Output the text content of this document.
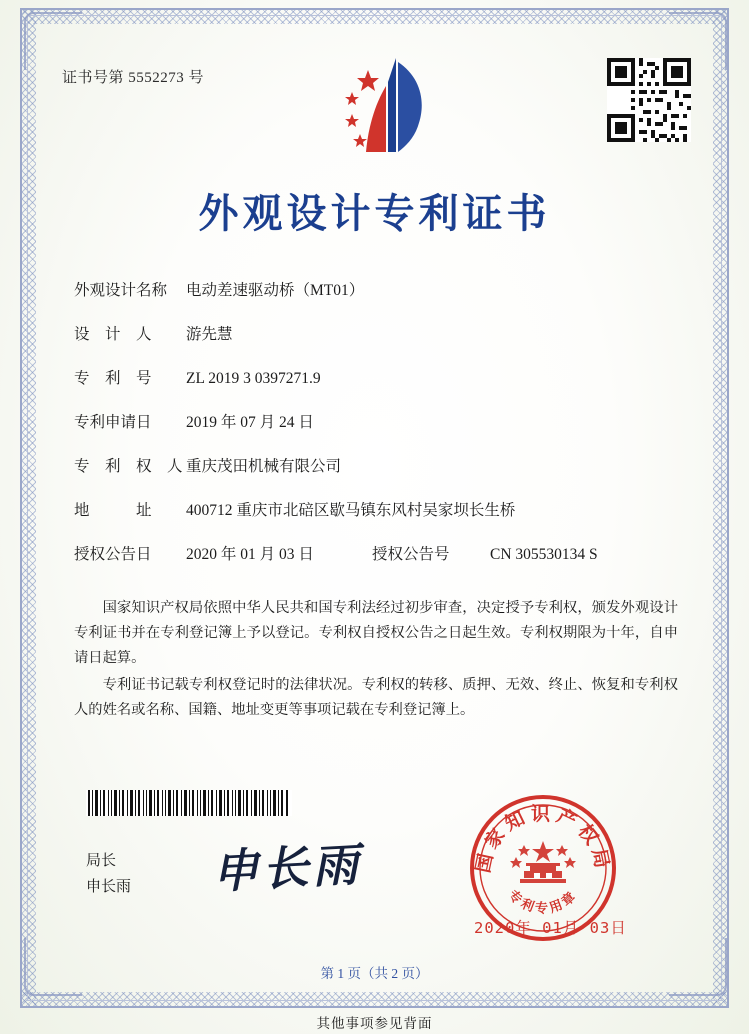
证书号第 5552273 号
外观设计专利证书
外观设计名称	电动差速驱动桥（MT01）
设　计　人	游先慧
专　利　号	ZL 2019 3 0397271.9
专利申请日	2019 年 07 月 24 日
专　利　权　人 重庆茂田机械有限公司
地　　　址	400712 重庆市北碚区歇马镇东风村吴家坝长生桥
授权公告日	2020 年 01 月 03 日	授权公告号	CN 305530134 S

国家知识产权局依照中华人民共和国专利法经过初步审查，决定授予专利权，颁发外观设计专利证书并在专利登记簿上予以登记。专利权自授权公告之日起生效。专利权期限为十年，自申请日起算。

专利证书记载专利权登记时的法律状况。专利权的转移、质押、无效、终止、恢复和专利权人的姓名或名称、国籍、地址变更等事项记载在专利登记簿上。

局长
申长雨 申长雨	国家知识产权局
专利专用章
2020年 01月 03日
第 1 页（共 2 页）
其他事项参见背面
